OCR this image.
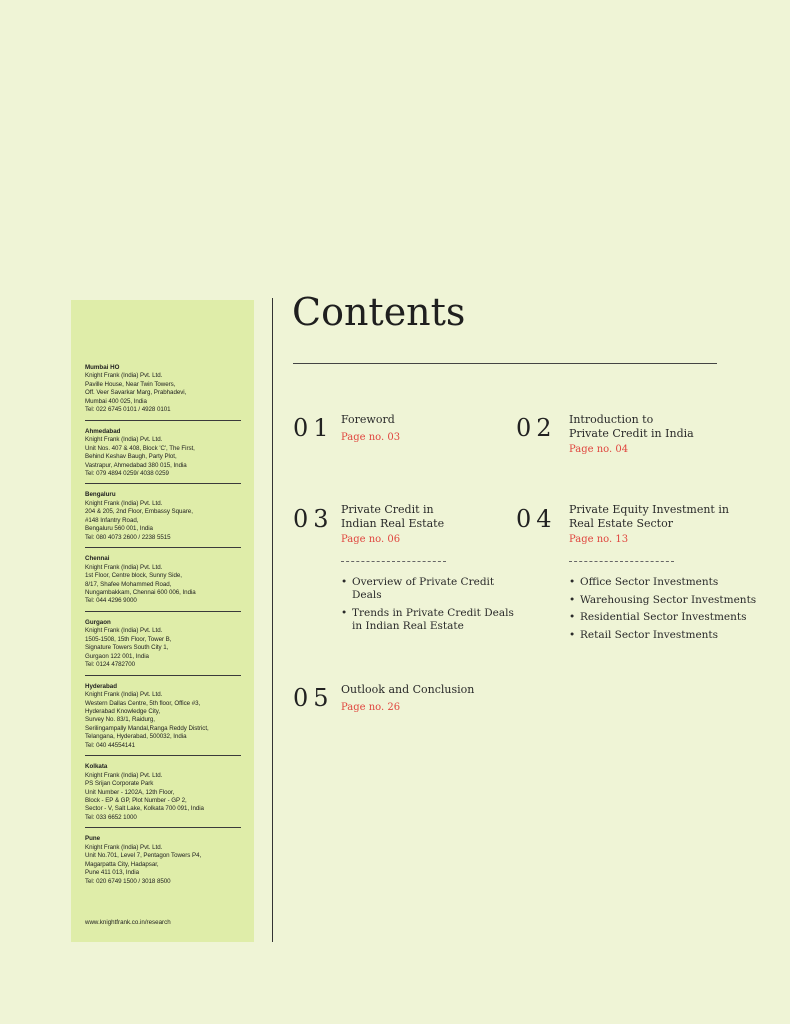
Mumbai HO
Knight Frank (India) Pvt. Ltd.
Paville House, Near Twin Towers,
Off. Veer Savarkar Marg, Prabhadevi,
Mumbai 400 025, India
Tel: 022 6745 0101 / 4928 0101
Ahmedabad
Knight Frank (India) Pvt. Ltd.
Unit Nos. 407 & 408, Block 'C', The First,
Behind Keshav Baugh, Party Plot,
Vastrapur, Ahmedabad 380 015, India
Tel: 079 4894 0259/ 4038 0259
Bengaluru
Knight Frank (India) Pvt. Ltd.
204 & 205, 2nd Floor, Embassy Square,
#148 Infantry Road,
Bengaluru 560 001, India
Tel: 080 4073 2600 / 2238 5515
Chennai
Knight Frank (India) Pvt. Ltd.
1st Floor, Centre block, Sunny Side,
8/17, Shafee Mohammed Road,
Nungambakkam, Chennai 600 006, India
Tel: 044 4296 9000
Gurgaon
Knight Frank (India) Pvt. Ltd.
1505-1508, 15th Floor, Tower B,
Signature Towers South City 1,
Gurgaon 122 001, India
Tel: 0124 4782700
Hyderabad
Knight Frank (India) Pvt. Ltd.
Western Dallas Centre, 5th floor, Office #3,
Hyderabad Knowledge City,
Survey No. 83/1, Raidurg,
Serilingampally Mandal,Ranga Reddy District,
Telangana, Hyderabad, 500032, India
Tel: 040 44554141
Kolkata
Knight Frank (India) Pvt. Ltd.
PS Srijan Corporate Park
Unit Number - 1202A, 12th Floor,
Block - EP & GP, Plot Number - GP 2,
Sector - V, Salt Lake, Kolkata 700 091, India
Tel: 033 6652 1000
Pune
Knight Frank (India) Pvt. Ltd.
Unit No.701, Level 7, Pentagon Towers P4,
Magarpatta City, Hadapsar,
Pune 411 013, India
Tel: 020 6749 1500 / 3018 8500
www.knightfrank.co.in/research
Contents
01 Foreword
Page no. 03	02 Introduction to
Private Credit in India
Page no. 04
03 Private Credit in
Indian Real Estate
Page no. 06
• Overview of Private Credit Deals
• Trends in Private Credit Deals
in Indian Real Estate
04 Private Equity Investment in
Real Estate Sector
Page no. 13
• Office Sector Investments
• Warehousing Sector Investments
• Residential Sector Investments
• Retail Sector Investments
05 Outlook and Conclusion
Page no. 26
